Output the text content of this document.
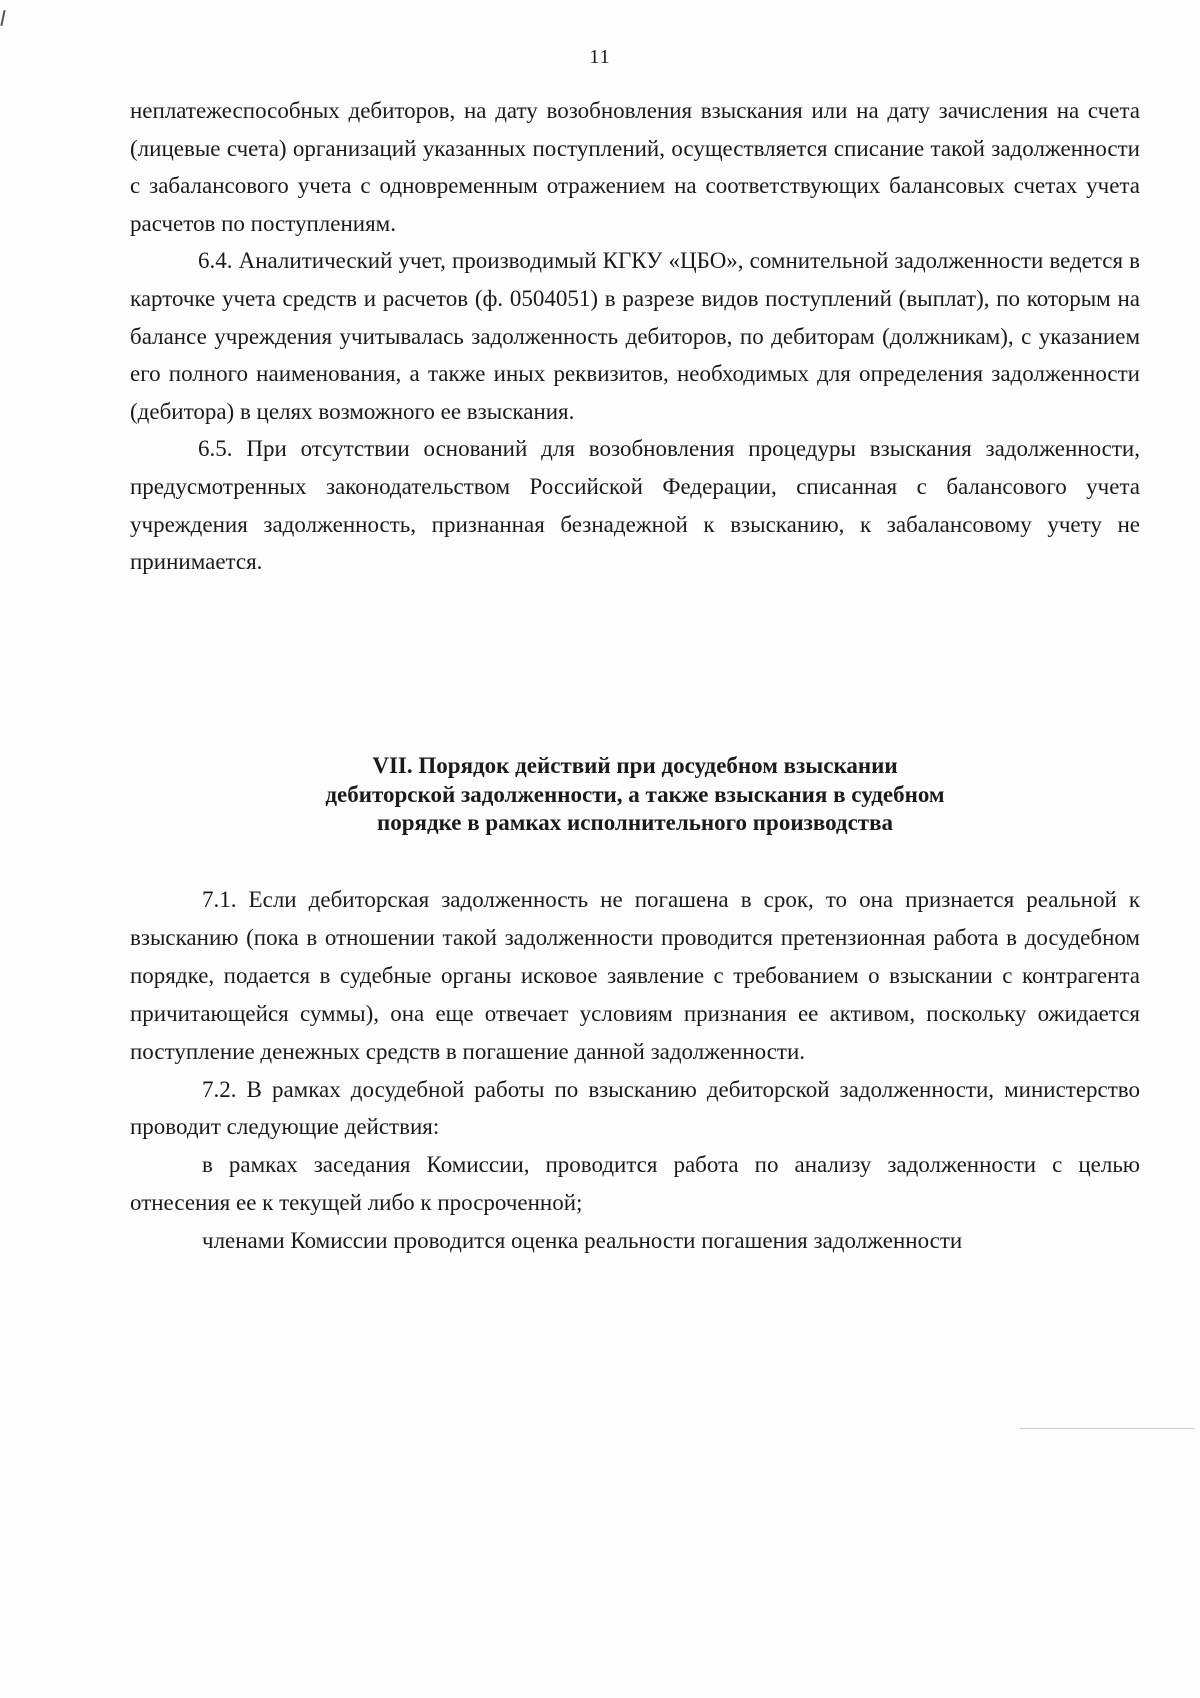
11

неплатежеспособных дебиторов, на дату возобновления взыскания или на дату зачисления на счета (лицевые счета) организаций указанных поступлений, осуществляется списание такой задолженности с забалансового учета с одновременным отражением на соответствующих балансовых счетах учета расчетов по поступлениям.

6.4. Аналитический учет, производимый КГКУ «ЦБО», сомнительной задолженности ведется в карточке учета средств и расчетов (ф. 0504051) в разрезе видов поступлений (выплат), по которым на балансе учреждения учитывалась задолженность дебиторов, по дебиторам (должникам), с указанием его полного наименования, а также иных реквизитов, необходимых для определения задолженности (дебитора) в целях возможного ее взыскания.

6.5. При отсутствии оснований для возобновления процедуры взыскания задолженности, предусмотренных законодательством Российской Федерации, списанная с балансового учета учреждения задолженность, признанная безнадежной к взысканию, к забалансовому учету не принимается.

VII. Порядок действий при досудебном взыскании
дебиторской задолженности, а также взыскания в судебном
порядке в рамках исполнительного производства

7.1. Если дебиторская задолженность не погашена в срок, то она признается реальной к взысканию (пока в отношении такой задолженности проводится претензионная работа в досудебном порядке, подается в судебные органы исковое заявление с требованием о взыскании с контрагента причитающейся суммы), она еще отвечает условиям признания ее активом, поскольку ожидается поступление денежных средств в погашение данной задолженности.

7.2. В рамках досудебной работы по взысканию дебиторской задолженности, министерство проводит следующие действия:

в рамках заседания Комиссии, проводится работа по анализу задолженности с целью отнесения ее к текущей либо к просроченной;

членами Комиссии проводится оценка реальности погашения задолженности
